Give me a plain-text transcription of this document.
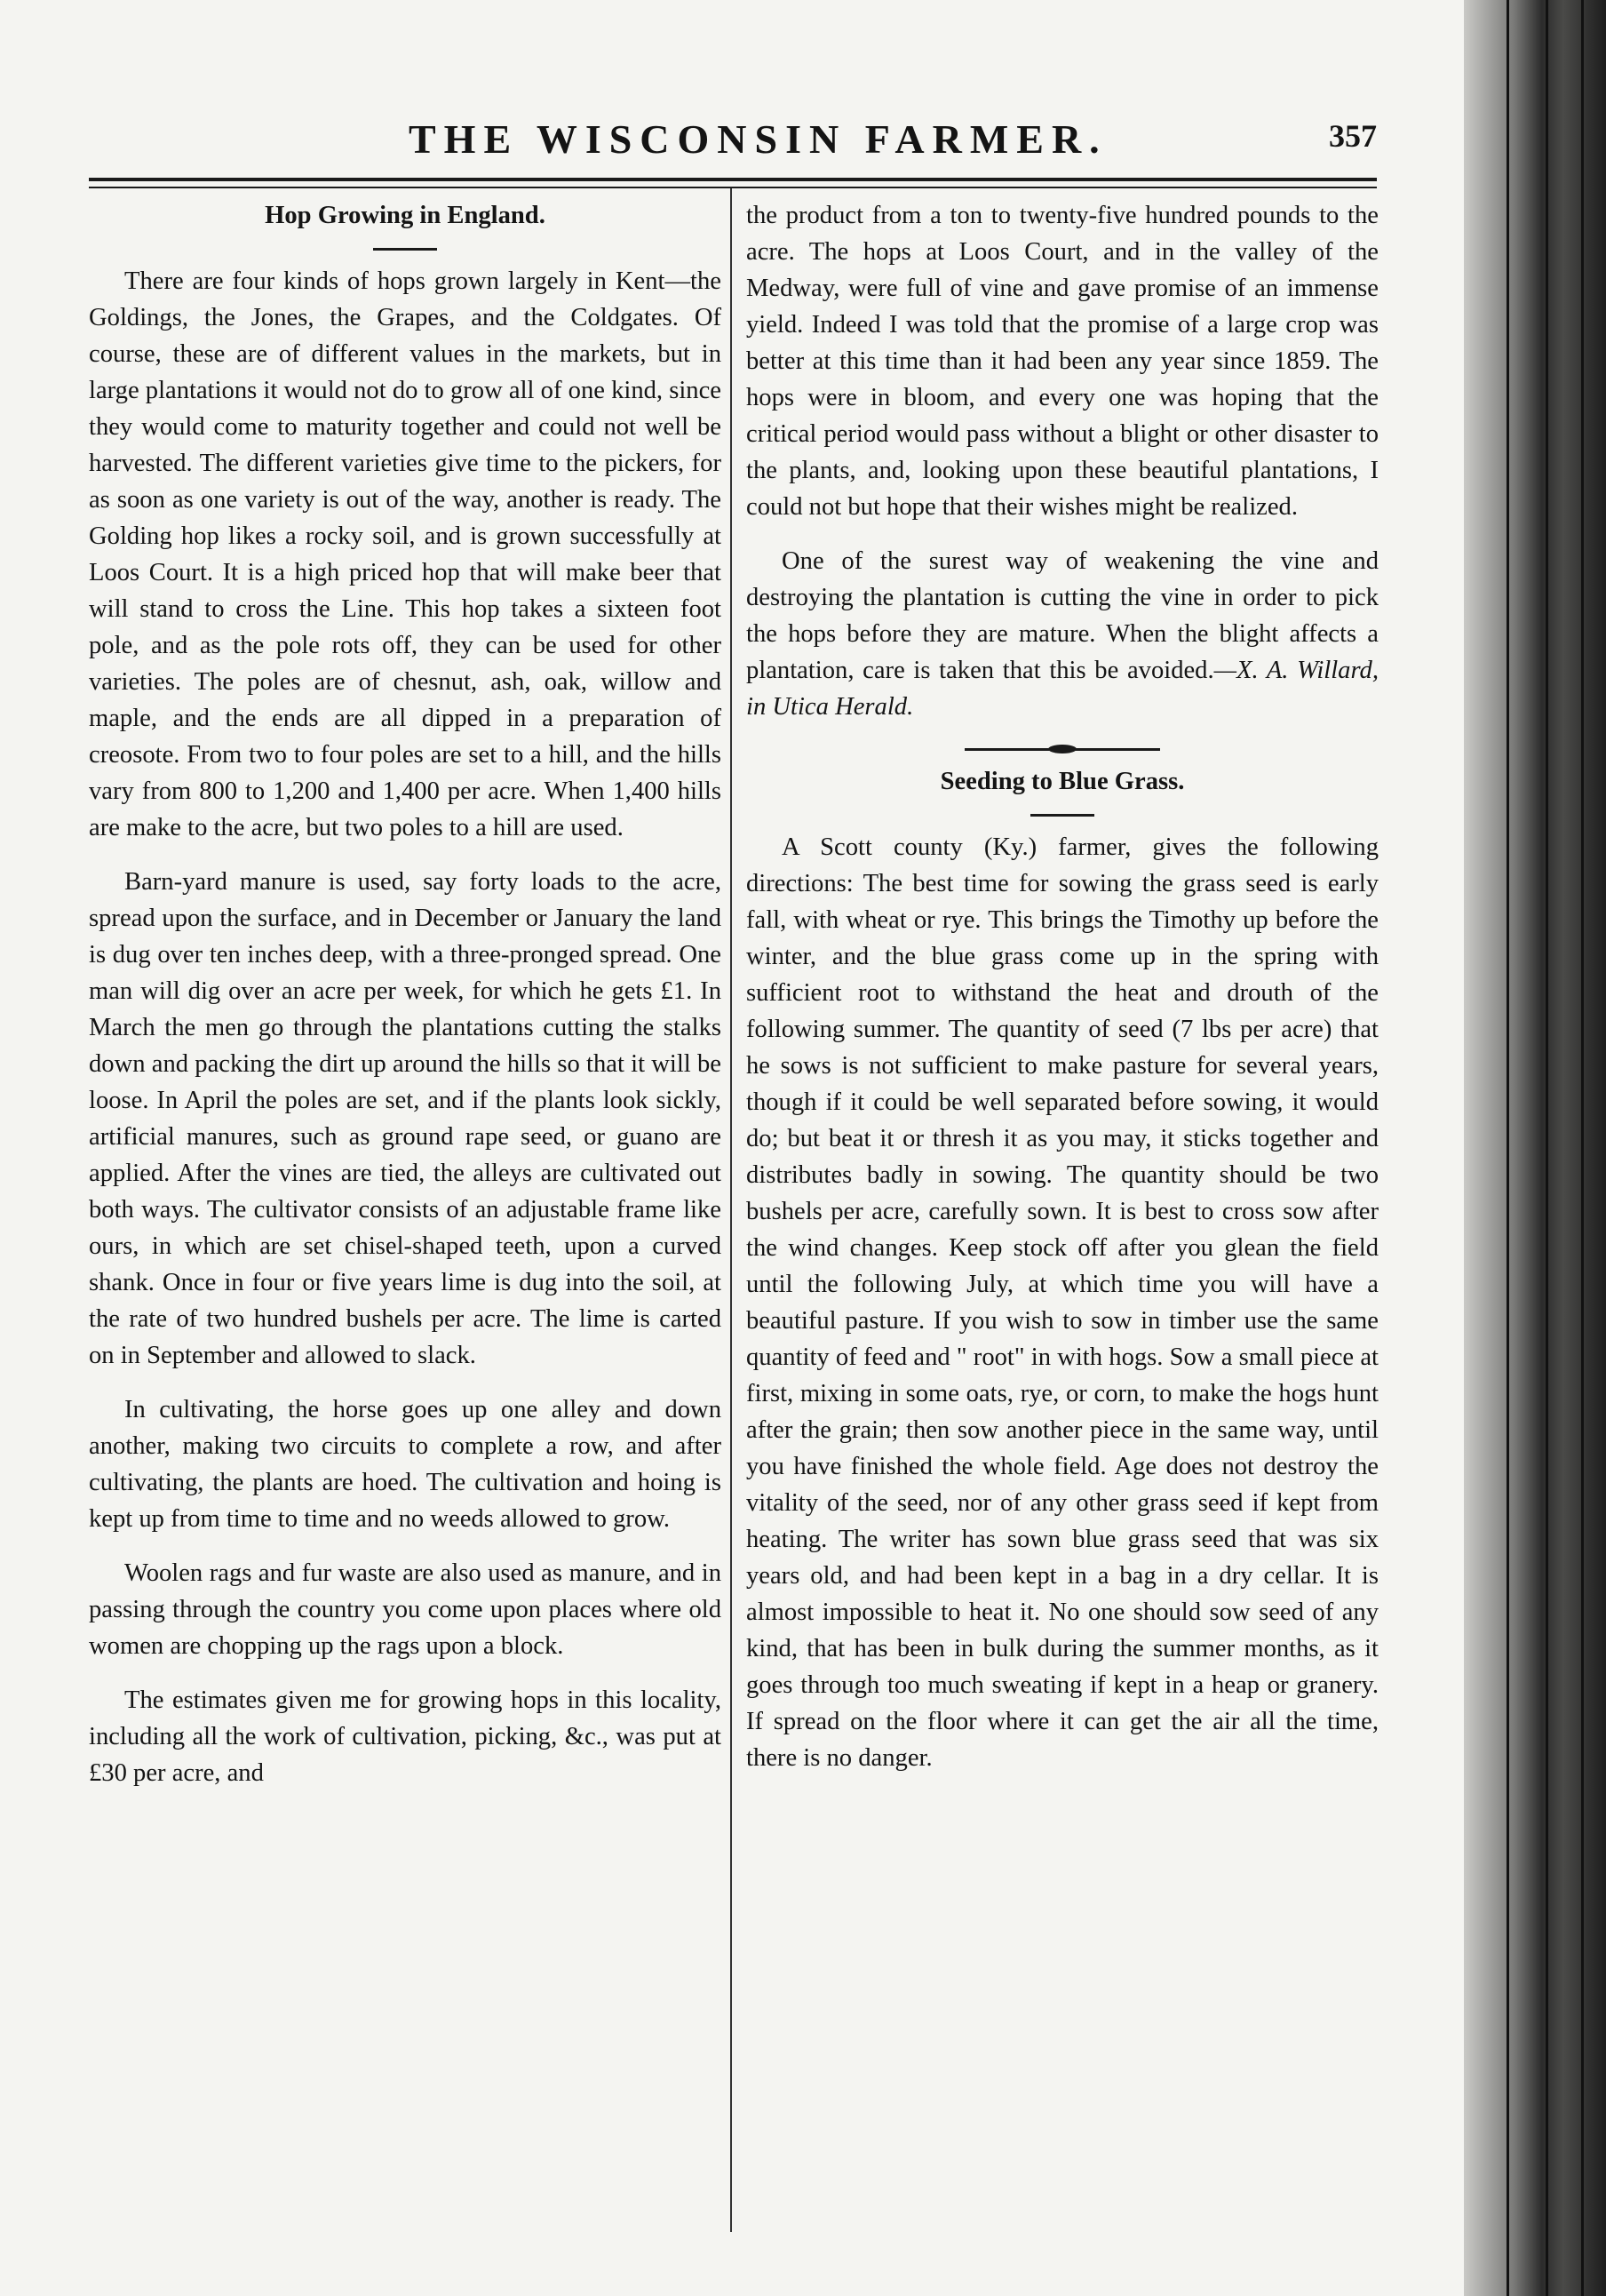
THE WISCONSIN FARMER.	357
Hop Growing in England.

There are four kinds of hops grown largely in Kent—the Goldings, the Jones, the Grapes, and the Coldgates. Of course, these are of different values in the markets, but in large plantations it would not do to grow all of one kind, since they would come to maturity together and could not well be harvested. The different varieties give time to the pickers, for as soon as one variety is out of the way, another is ready. The Golding hop likes a rocky soil, and is grown successfully at Loos Court. It is a high priced hop that will make beer that will stand to cross the Line. This hop takes a sixteen foot pole, and as the pole rots off, they can be used for other varieties. The poles are of chesnut, ash, oak, willow and maple, and the ends are all dipped in a preparation of creosote. From two to four poles are set to a hill, and the hills vary from 800 to 1,200 and 1,400 per acre. When 1,400 hills are make to the acre, but two poles to a hill are used.

Barn-yard manure is used, say forty loads to the acre, spread upon the surface, and in December or January the land is dug over ten inches deep, with a three-pronged spread. One man will dig over an acre per week, for which he gets £1. In March the men go through the plantations cutting the stalks down and packing the dirt up around the hills so that it will be loose. In April the poles are set, and if the plants look sickly, artificial manures, such as ground rape seed, or guano are applied. After the vines are tied, the alleys are cultivated out both ways. The cultivator consists of an adjustable frame like ours, in which are set chisel-shaped teeth, upon a curved shank. Once in four or five years lime is dug into the soil, at the rate of two hundred bushels per acre. The lime is carted on in September and allowed to slack.

In cultivating, the horse goes up one alley and down another, making two circuits to complete a row, and after cultivating, the plants are hoed. The cultivation and hoing is kept up from time to time and no weeds allowed to grow.

Woolen rags and fur waste are also used as manure, and in passing through the country you come upon places where old women are chopping up the rags upon a block.

The estimates given me for growing hops in this locality, including all the work of cultivation, picking, &c., was put at £30 per acre, and

the product from a ton to twenty-five hundred pounds to the acre. The hops at Loos Court, and in the valley of the Medway, were full of vine and gave promise of an immense yield. Indeed I was told that the promise of a large crop was better at this time than it had been any year since 1859. The hops were in bloom, and every one was hoping that the critical period would pass without a blight or other disaster to the plants, and, looking upon these beautiful plantations, I could not but hope that their wishes might be realized.

One of the surest way of weakening the vine and destroying the plantation is cutting the vine in order to pick the hops before they are mature. When the blight affects a plantation, care is taken that this be avoided.—X. A. Willard, in Utica Herald.

Seeding to Blue Grass.

A Scott county (Ky.) farmer, gives the following directions: The best time for sowing the grass seed is early fall, with wheat or rye. This brings the Timothy up before the winter, and the blue grass come up in the spring with sufficient root to withstand the heat and drouth of the following summer. The quantity of seed (7 lbs per acre) that he sows is not sufficient to make pasture for several years, though if it could be well separated before sowing, it would do; but beat it or thresh it as you may, it sticks together and distributes badly in sowing. The quantity should be two bushels per acre, carefully sown. It is best to cross sow after the wind changes. Keep stock off after you glean the field until the following July, at which time you will have a beautiful pasture. If you wish to sow in timber use the same quantity of feed and " root" in with hogs. Sow a small piece at first, mixing in some oats, rye, or corn, to make the hogs hunt after the grain; then sow another piece in the same way, until you have finished the whole field. Age does not destroy the vitality of the seed, nor of any other grass seed if kept from heating. The writer has sown blue grass seed that was six years old, and had been kept in a bag in a dry cellar. It is almost impossible to heat it. No one should sow seed of any kind, that has been in bulk during the summer months, as it goes through too much sweating if kept in a heap or granery. If spread on the floor where it can get the air all the time, there is no danger.
